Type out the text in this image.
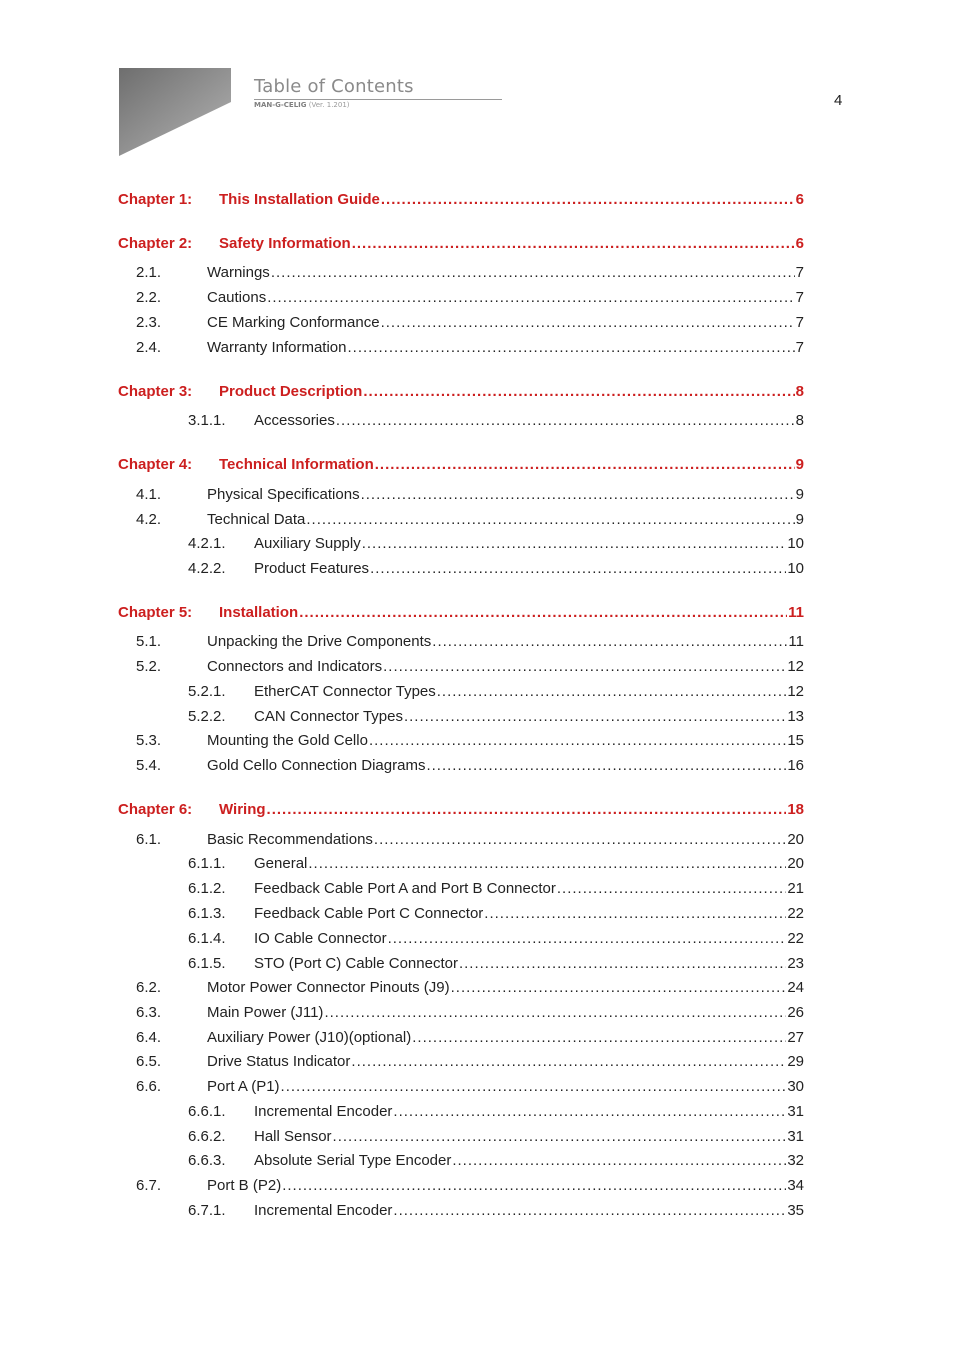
Table of Contents
MAN-G-CELIG (Ver. 1.201)	4
Chapter 1:	This Installation Guide .....	6
Chapter 2:	Safety Information .....	6
2.1.	Warnings .....	7
2.2.	Cautions .....	7
2.3.	CE Marking Conformance .....	7
2.4.	Warranty Information .....	7
Chapter 3:	Product Description .....	8
3.1.1.	Accessories .....	8
Chapter 4:	Technical Information .....	9
4.1.	Physical Specifications .....	9
4.2.	Technical Data .....	9
4.2.1.	Auxiliary Supply .....	10
4.2.2.	Product Features .....	10
Chapter 5:	Installation .....	11
5.1.	Unpacking the Drive Components .....	11
5.2.	Connectors and Indicators .....	12
5.2.1.	EtherCAT Connector Types .....	12
5.2.2.	CAN Connector Types .....	13
5.3.	Mounting the Gold Cello .....	15
5.4.	Gold Cello Connection Diagrams .....	16
Chapter 6:	Wiring .....	18
6.1.	Basic Recommendations .....	20
6.1.1.	General .....	20
6.1.2.	Feedback Cable Port A and Port B Connector .....	21
6.1.3.	Feedback Cable Port C Connector .....	22
6.1.4.	IO Cable Connector .....	22
6.1.5.	STO (Port C) Cable Connector .....	23
6.2.	Motor Power Connector Pinouts (J9) .....	24
6.3.	Main Power (J11) .....	26
6.4.	Auxiliary Power (J10)(optional) .....	27
6.5.	Drive Status Indicator .....	29
6.6.	Port A (P1) .....	30
6.6.1.	Incremental Encoder .....	31
6.6.2.	Hall Sensor .....	31
6.6.3.	Absolute Serial Type Encoder .....	32
6.7.	Port B (P2) .....	34
6.7.1.	Incremental Encoder .....	35
